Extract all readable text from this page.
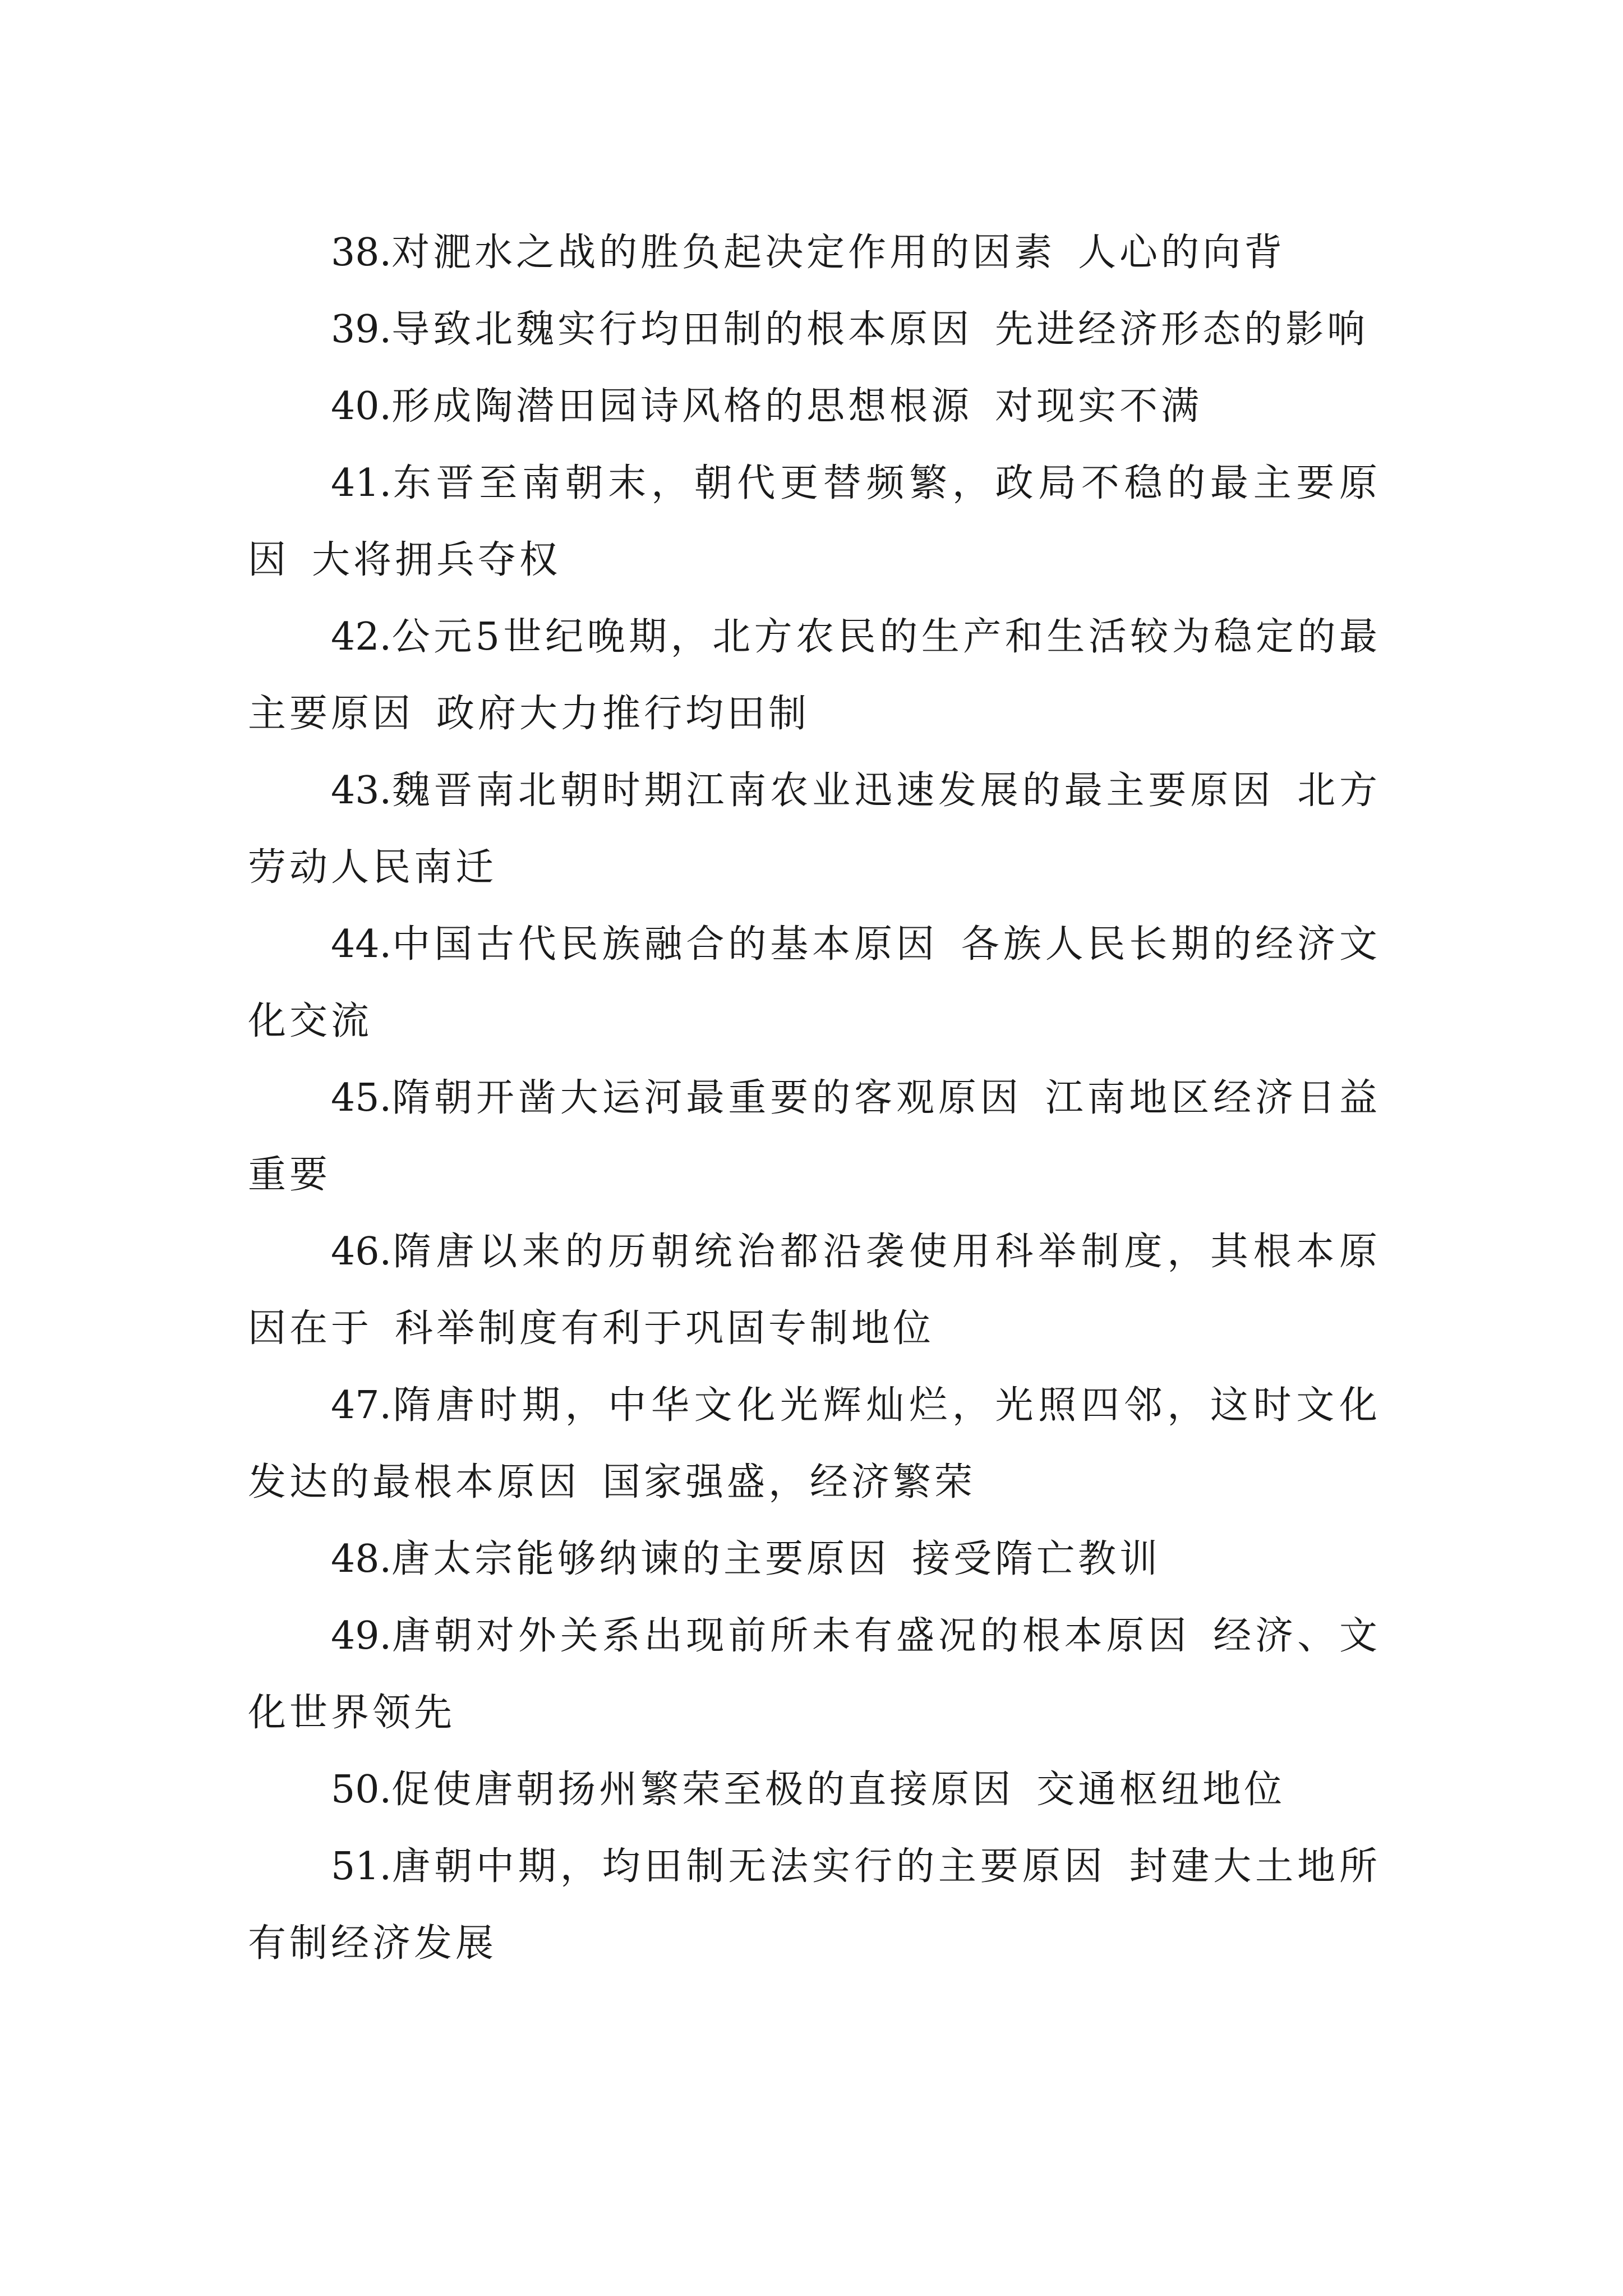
38.对淝水之战的胜负起决定作用的因素 人心的向背

39.导致北魏实行均田制的根本原因 先进经济形态的影响

40.形成陶潜田园诗风格的思想根源 对现实不满

41.东晋至南朝末，朝代更替频繁，政局不稳的最主要原因 大将拥兵夺权

42.公元5世纪晚期，北方农民的生产和生活较为稳定的最主要原因 政府大力推行均田制

43.魏晋南北朝时期江南农业迅速发展的最主要原因 北方劳动人民南迁

44.中国古代民族融合的基本原因 各族人民长期的经济文化交流

45.隋朝开凿大运河最重要的客观原因 江南地区经济日益重要

46.隋唐以来的历朝统治都沿袭使用科举制度，其根本原因在于 科举制度有利于巩固专制地位

47.隋唐时期，中华文化光辉灿烂，光照四邻，这时文化发达的最根本原因 国家强盛，经济繁荣

48.唐太宗能够纳谏的主要原因 接受隋亡教训

49.唐朝对外关系出现前所未有盛况的根本原因 经济、文化世界领先

50.促使唐朝扬州繁荣至极的直接原因 交通枢纽地位

51.唐朝中期，均田制无法实行的主要原因 封建大土地所有制经济发展
